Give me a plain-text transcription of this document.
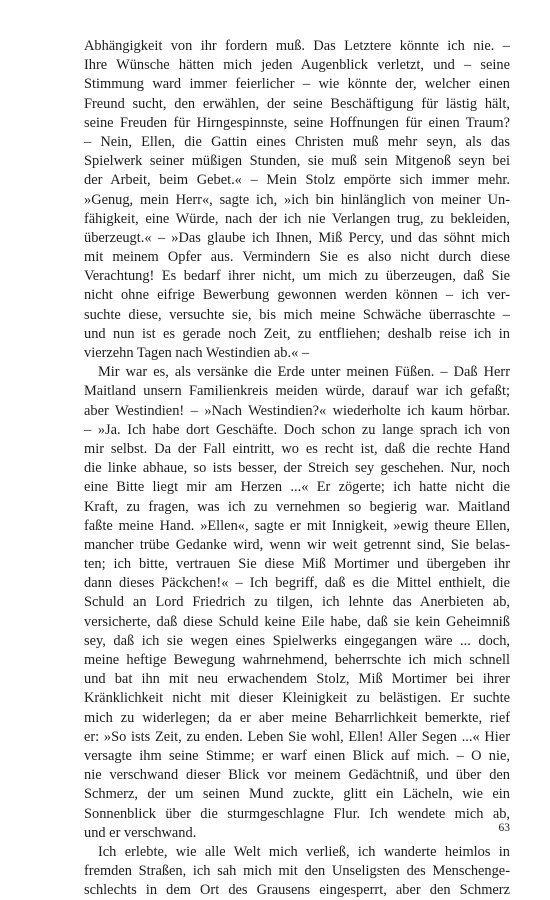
Abhängigkeit von ihr fordern muß. Das Letztere könnte ich nie. –
Ihre Wünsche hätten mich jeden Augenblick verletzt, und – seine
Stimmung ward immer feierlicher – wie könnte der, welcher einen
Freund sucht, den erwählen, der seine Beschäftigung für lästig hält,
seine Freuden für Hirngespinnste, seine Hoffnungen für einen Traum?
– Nein, Ellen, die Gattin eines Christen muß mehr seyn, als das
Spielwerk seiner müßigen Stunden, sie muß sein Mitgenoß seyn bei
der Arbeit, beim Gebet.« – Mein Stolz empörte sich immer mehr.
»Genug, mein Herr«, sagte ich, »ich bin hinlänglich von meiner Un-
fähigkeit, eine Würde, nach der ich nie Verlangen trug, zu bekleiden,
überzeugt.« – »Das glaube ich Ihnen, Miß Percy, und das söhnt mich
mit meinem Opfer aus. Vermindern Sie es also nicht durch diese
Verachtung! Es bedarf ihrer nicht, um mich zu überzeugen, daß Sie
nicht ohne eifrige Bewerbung gewonnen werden können – ich ver-
suchte diese, versuchte sie, bis mich meine Schwäche überraschte –
und nun ist es gerade noch Zeit, zu entfliehen; deshalb reise ich in
vierzehn Tagen nach Westindien ab.« –
Mir war es, als versänke die Erde unter meinen Füßen. – Daß Herr
Maitland unsern Familienkreis meiden würde, darauf war ich gefaßt;
aber Westindien! – »Nach Westindien?« wiederholte ich kaum hörbar.
– »Ja. Ich habe dort Geschäfte. Doch schon zu lange sprach ich von
mir selbst. Da der Fall eintritt, wo es recht ist, daß die rechte Hand
die linke abhaue, so ists besser, der Streich sey geschehen. Nur, noch
eine Bitte liegt mir am Herzen ...« Er zögerte; ich hatte nicht die
Kraft, zu fragen, was ich zu vernehmen so begierig war. Maitland
faßte meine Hand. »Ellen«, sagte er mit Innigkeit, »ewig theure Ellen,
mancher trübe Gedanke wird, wenn wir weit getrennt sind, Sie belas-
ten; ich bitte, vertrauen Sie diese Miß Mortimer und übergeben ihr
dann dieses Päckchen!« – Ich begriff, daß es die Mittel enthielt, die
Schuld an Lord Friedrich zu tilgen, ich lehnte das Anerbieten ab,
versicherte, daß diese Schuld keine Eile habe, daß sie kein Geheimniß
sey, daß ich sie wegen eines Spielwerks eingegangen wäre ... doch,
meine heftige Bewegung wahrnehmend, beherrschte ich mich schnell
und bat ihn mit neu erwachendem Stolz, Miß Mortimer bei ihrer
Kränklichkeit nicht mit dieser Kleinigkeit zu belästigen. Er suchte
mich zu widerlegen; da er aber meine Beharrlichkeit bemerkte, rief
er: »So ists Zeit, zu enden. Leben Sie wohl, Ellen! Aller Segen ...« Hier
versagte ihm seine Stimme; er warf einen Blick auf mich. – O nie,
nie verschwand dieser Blick vor meinem Gedächtniß, und über den
Schmerz, der um seinen Mund zuckte, glitt ein Lächeln, wie ein
Sonnenblick über die sturmgeschlagne Flur. Ich wendete mich ab,
und er verschwand.
Ich erlebte, wie alle Welt mich verließ, ich wanderte heimlos in
fremden Straßen, ich sah mich mit den Unseligsten des Menschenge-
schlechts in dem Ort des Grausens eingesperrt, aber den Schmerz
63
